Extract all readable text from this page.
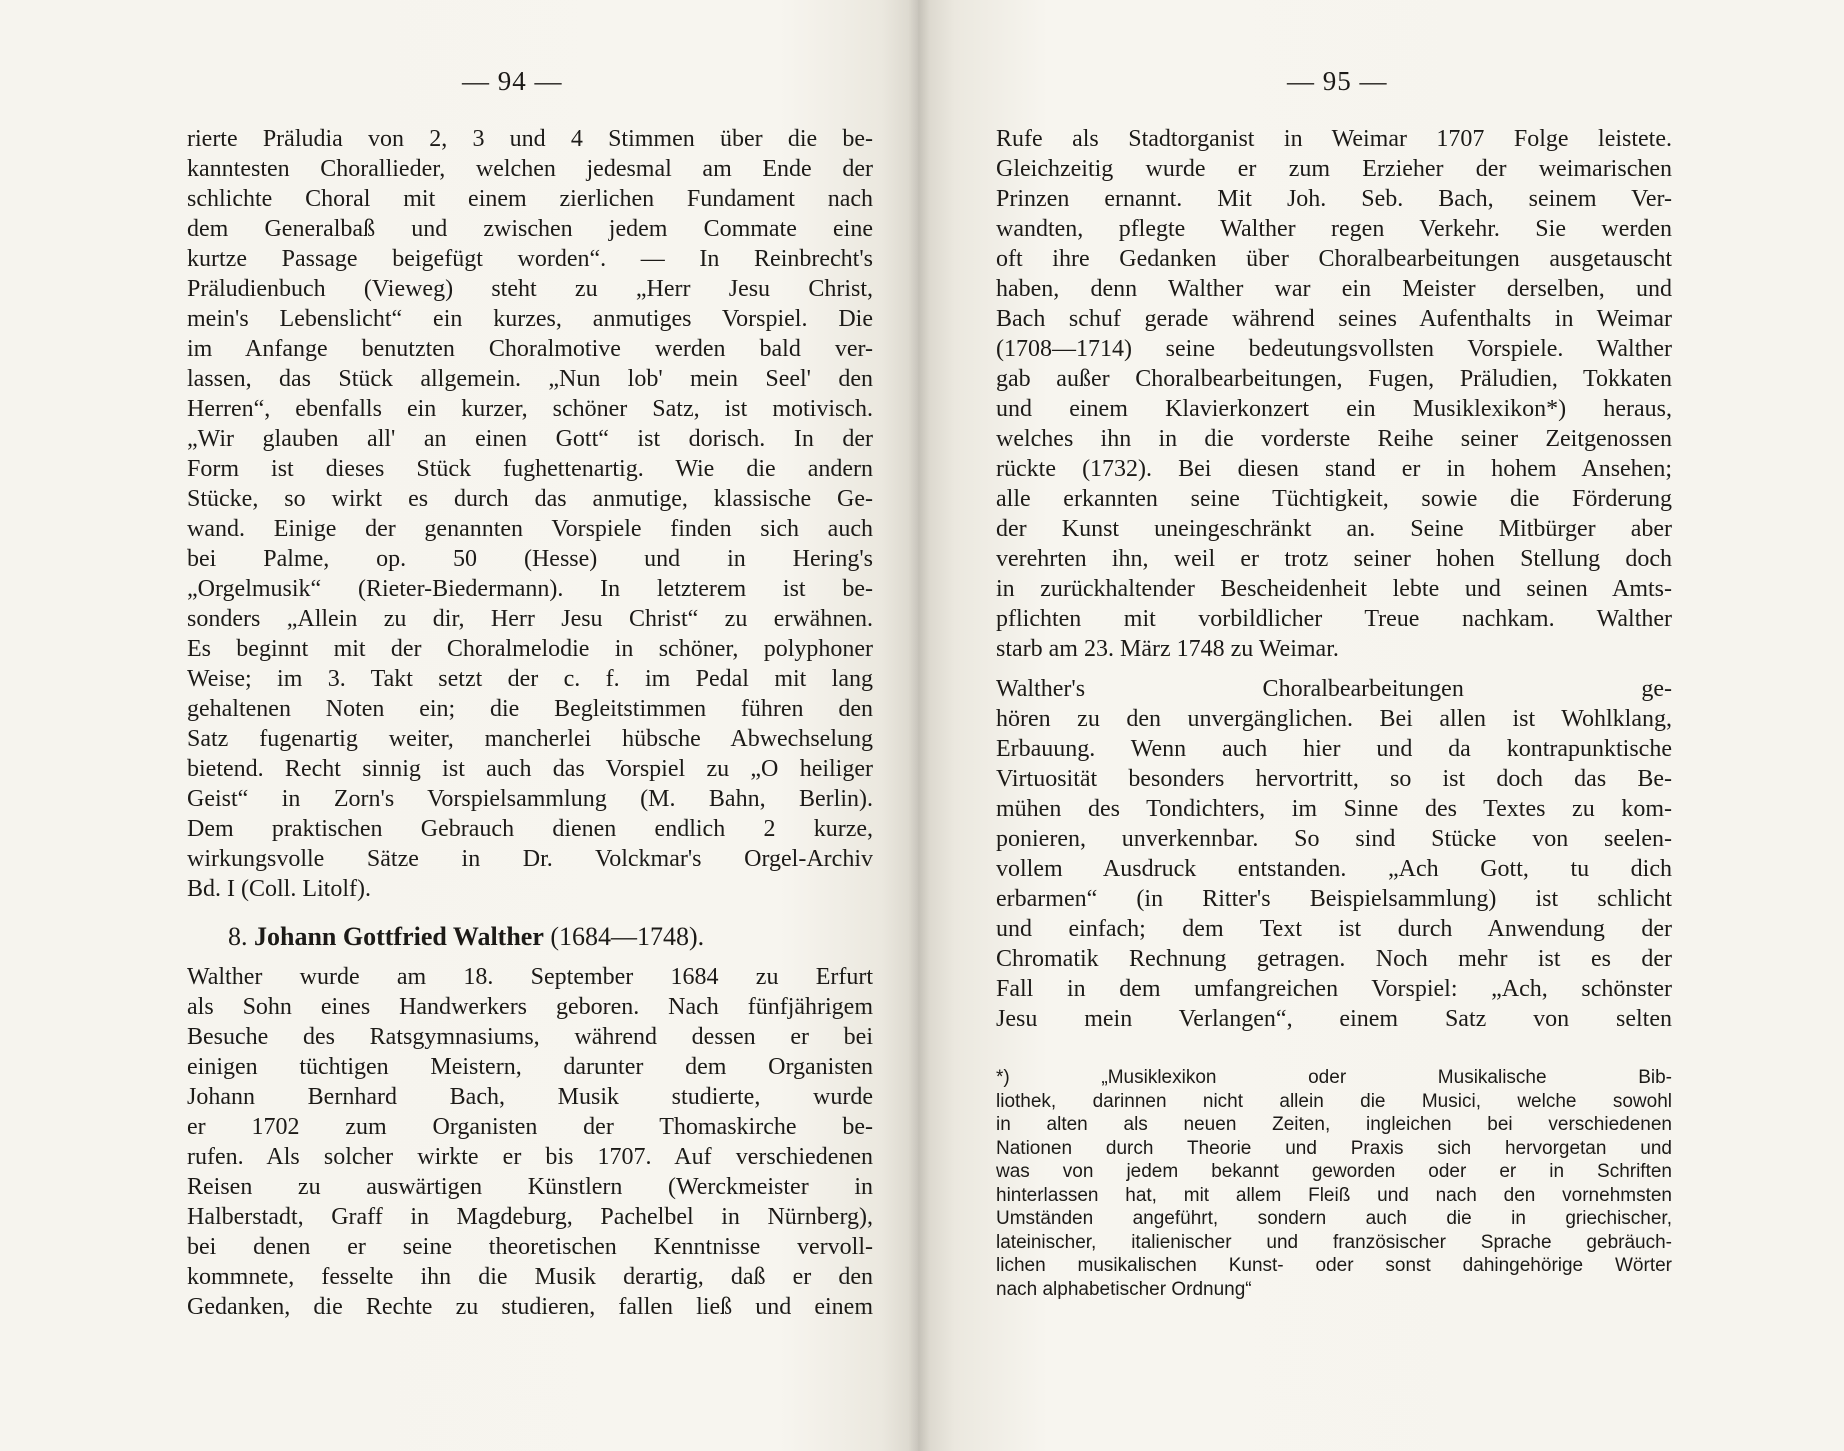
— 94 —	— 95 —
rierte Präludia von 2, 3 und 4 Stimmen über die be-
kanntesten Chorallieder, welchen jedesmal am Ende der
schlichte Choral mit einem zierlichen Fundament nach
dem Generalbaß und zwischen jedem Commate eine
kurtze Passage beigefügt worden“. — In Reinbrecht's
Präludienbuch (Vieweg) steht zu „Herr Jesu Christ,
mein's Lebenslicht“ ein kurzes, anmutiges Vorspiel. Die
im Anfange benutzten Choralmotive werden bald ver-
lassen, das Stück allgemein. „Nun lob' mein Seel' den
Herren“, ebenfalls ein kurzer, schöner Satz, ist motivisch.
„Wir glauben all' an einen Gott“ ist dorisch. In der
Form ist dieses Stück fughettenartig. Wie die andern
Stücke, so wirkt es durch das anmutige, klassische Ge-
wand. Einige der genannten Vorspiele finden sich auch
bei Palme, op. 50 (Hesse) und in Hering's
„Orgelmusik“ (Rieter-Biedermann). In letzterem ist be-
sonders „Allein zu dir, Herr Jesu Christ“ zu erwähnen.
Es beginnt mit der Choralmelodie in schöner, polyphoner
Weise; im 3. Takt setzt der c. f. im Pedal mit lang
gehaltenen Noten ein; die Begleitstimmen führen den
Satz fugenartig weiter, mancherlei hübsche Abwechselung
bietend. Recht sinnig ist auch das Vorspiel zu „O heiliger
Geist“ in Zorn's Vorspielsammlung (M. Bahn, Berlin).
Dem praktischen Gebrauch dienen endlich 2 kurze,
wirkungsvolle Sätze in Dr. Volckmar's Orgel-Archiv
Bd. I (Coll. Litolf).
8. Johann Gottfried Walther (1684—1748).
Walther wurde am 18. September 1684 zu Erfurt
als Sohn eines Handwerkers geboren. Nach fünfjährigem
Besuche des Ratsgymnasiums, während dessen er bei
einigen tüchtigen Meistern, darunter dem Organisten
Johann Bernhard Bach, Musik studierte, wurde
er 1702 zum Organisten der Thomaskirche be-
rufen. Als solcher wirkte er bis 1707. Auf verschiedenen
Reisen zu auswärtigen Künstlern (Werckmeister in
Halberstadt, Graff in Magdeburg, Pachelbel in Nürnberg),
bei denen er seine theoretischen Kenntnisse vervoll-
kommnete, fesselte ihn die Musik derartig, daß er den
Gedanken, die Rechte zu studieren, fallen ließ und einem
Rufe als Stadtorganist in Weimar 1707 Folge leistete.
Gleichzeitig wurde er zum Erzieher der weimarischen
Prinzen ernannt. Mit Joh. Seb. Bach, seinem Ver-
wandten, pflegte Walther regen Verkehr. Sie werden
oft ihre Gedanken über Choralbearbeitungen ausgetauscht
haben, denn Walther war ein Meister derselben, und
Bach schuf gerade während seines Aufenthalts in Weimar
(1708—1714) seine bedeutungsvollsten Vorspiele. Walther
gab außer Choralbearbeitungen, Fugen, Präludien, Tokkaten
und einem Klavierkonzert ein Musiklexikon*) heraus,
welches ihn in die vorderste Reihe seiner Zeitgenossen
rückte (1732). Bei diesen stand er in hohem Ansehen;
alle erkannten seine Tüchtigkeit, sowie die Förderung
der Kunst uneingeschränkt an. Seine Mitbürger aber
verehrten ihn, weil er trotz seiner hohen Stellung doch
in zurückhaltender Bescheidenheit lebte und seinen Amts-
pflichten mit vorbildlicher Treue nachkam. Walther
starb am 23. März 1748 zu Weimar.
Walther's Choralbearbeitungen ge-
hören zu den unvergänglichen. Bei allen ist Wohlklang,
Erbauung. Wenn auch hier und da kontrapunktische
Virtuosität besonders hervortritt, so ist doch das Be-
mühen des Tondichters, im Sinne des Textes zu kom-
ponieren, unverkennbar. So sind Stücke von seelen-
vollem Ausdruck entstanden. „Ach Gott, tu dich
erbarmen“ (in Ritter's Beispielsammlung) ist schlicht
und einfach; dem Text ist durch Anwendung der
Chromatik Rechnung getragen. Noch mehr ist es der
Fall in dem umfangreichen Vorspiel: „Ach, schönster
Jesu mein Verlangen“, einem Satz von selten
*) „Musiklexikon oder Musikalische Bib-
liothek, darinnen nicht allein die Musici, welche sowohl
in alten als neuen Zeiten, ingleichen bei verschiedenen
Nationen durch Theorie und Praxis sich hervorgetan und
was von jedem bekannt geworden oder er in Schriften
hinterlassen hat, mit allem Fleiß und nach den vornehmsten
Umständen angeführt, sondern auch die in griechischer,
lateinischer, italienischer und französischer Sprache gebräuch-
lichen musikalischen Kunst- oder sonst dahingehörige Wörter
nach alphabetischer Ordnung“
